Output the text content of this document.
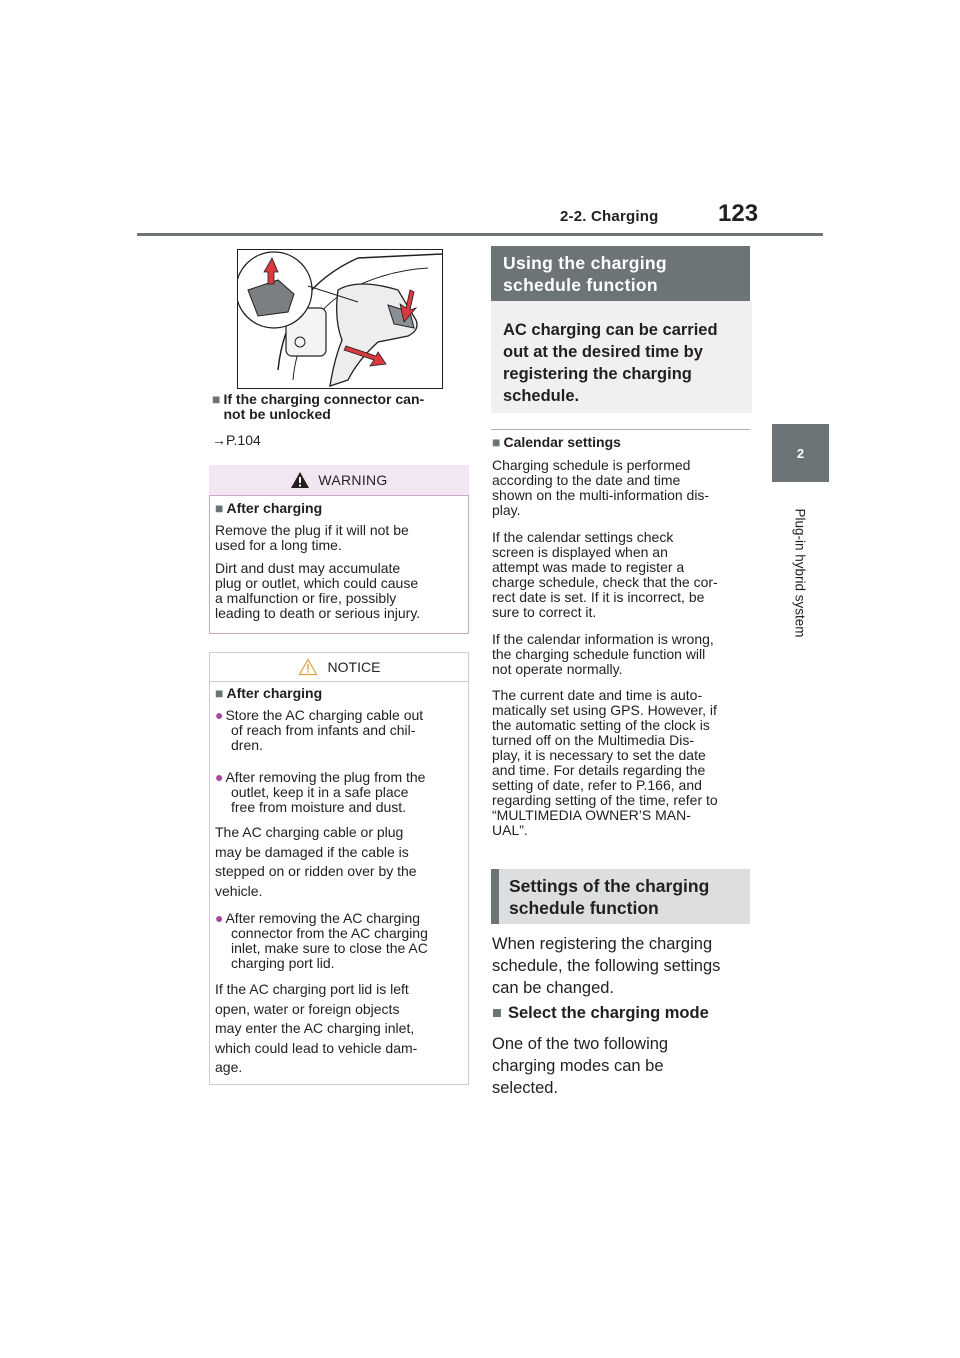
2-2. Charging 123
2
Plug-in hybrid system
■ If the charging connector can-
not be unlocked
→P.104
WARNING
■ After charging
Remove the plug if it will not be
used for a long time.
Dirt and dust may accumulate
plug or outlet, which could cause
a malfunction or fire, possibly
leading to death or serious injury.
NOTICE
■ After charging
● Store the AC charging cable out
of reach from infants and chil-
dren.
● After removing the plug from the
outlet, keep it in a safe place
free from moisture and dust.
The AC charging cable or plug
may be damaged if the cable is
stepped on or ridden over by the
vehicle.
● After removing the AC charging
connector from the AC charging
inlet, make sure to close the AC
charging port lid.
If the AC charging port lid is left
open, water or foreign objects
may enter the AC charging inlet,
which could lead to vehicle dam-
age.
Using the charging
schedule function
AC charging can be carried
out at the desired time by
registering the charging
schedule.
■ Calendar settings
Charging schedule is performed
according to the date and time
shown on the multi-information dis-
play.
If the calendar settings check
screen is displayed when an
attempt was made to register a
charge schedule, check that the cor-
rect date is set. If it is incorrect, be
sure to correct it.
If the calendar information is wrong,
the charging schedule function will
not operate normally.
The current date and time is auto-
matically set using GPS. However, if
the automatic setting of the clock is
turned off on the Multimedia Dis-
play, it is necessary to set the date
and time. For details regarding the
setting of date, refer to P.166, and
regarding setting of the time, refer to
“MULTIMEDIA OWNER’S MAN-
UAL”.
Settings of the charging
schedule function
When registering the charging
schedule, the following settings
can be changed.
■ Select the charging mode
One of the two following
charging modes can be
selected.
